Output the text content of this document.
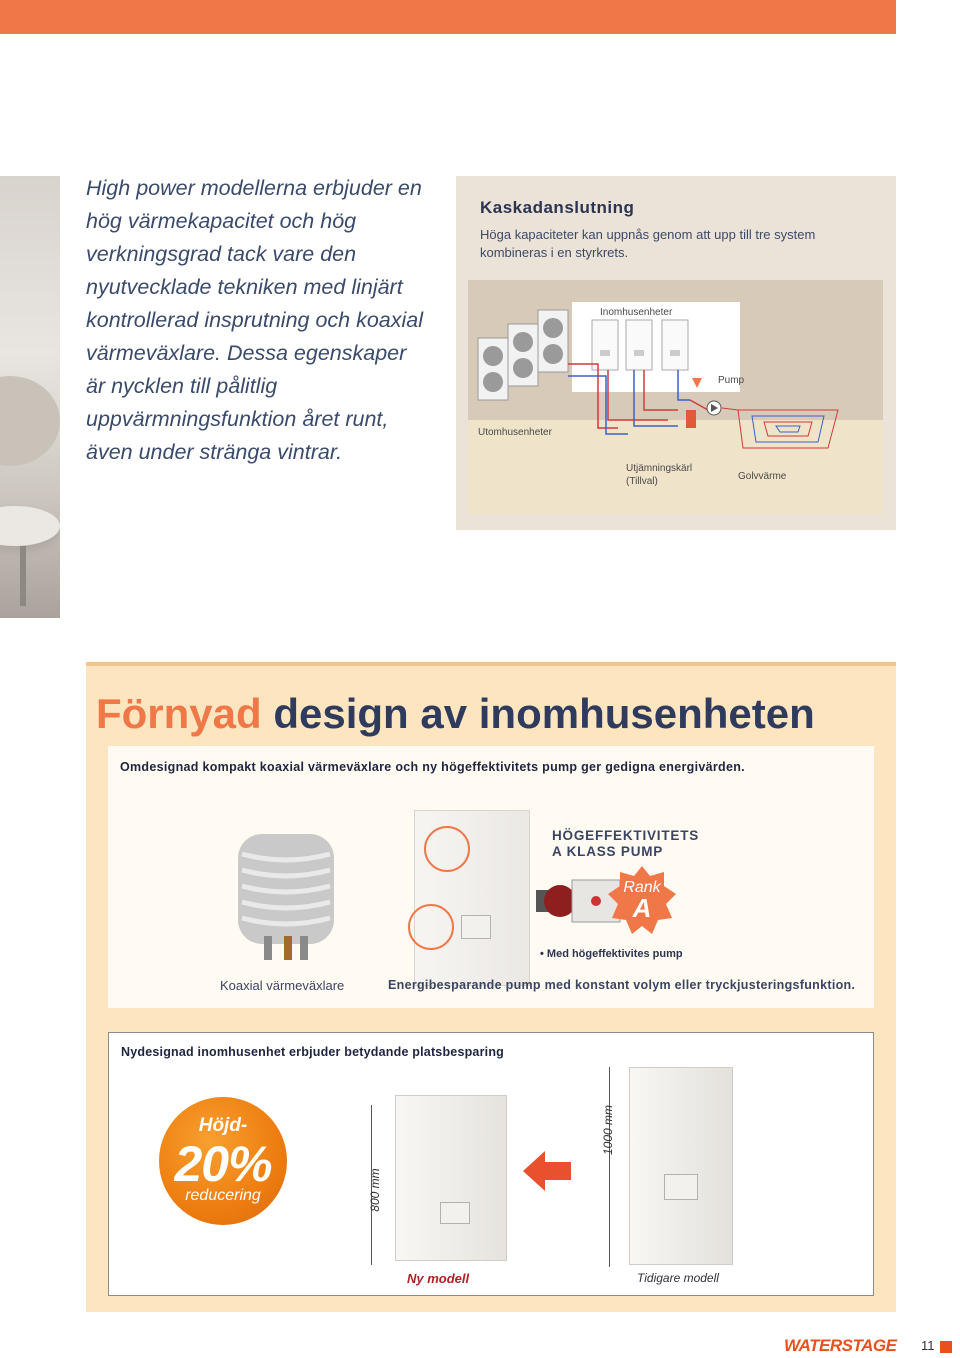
High power modellerna erbjuder en hög värmekapacitet och hög verkningsgrad tack vare den nyutvecklade tekniken med linjärt kontrollerad insprutning och koaxial värmeväxlare. Dessa egenskaper är nycklen till pålitlig uppvärmningsfunktion året runt, även under stränga vintrar.

Kaskadanslutning
Höga kapaciteter kan uppnås genom att upp till tre system kombineras i en styrkrets.
Inomhusenheter
Pump
Utomhusenheter
Utjämningskärl
(Tillval)	Golvvärme
Förnyad design av inomhusenheten
Omdesignad kompakt koaxial värmeväxlare och ny högeffektivitets pump ger gedigna energivärden.
Koaxial värmeväxlare
HÖGEFFEKTIVITETS
A KLASS PUMP
Rank
A
• Med högeffektivites pump
Energibesparande pump med konstant volym eller tryckjusteringsfunktion.
Nydesignad inomhusenhet erbjuder betydande platsbesparing
Höjd-
20%
reducering	800 mm
1000 mm
Ny modell	Tidigare modell
WATERSTAGE 11
